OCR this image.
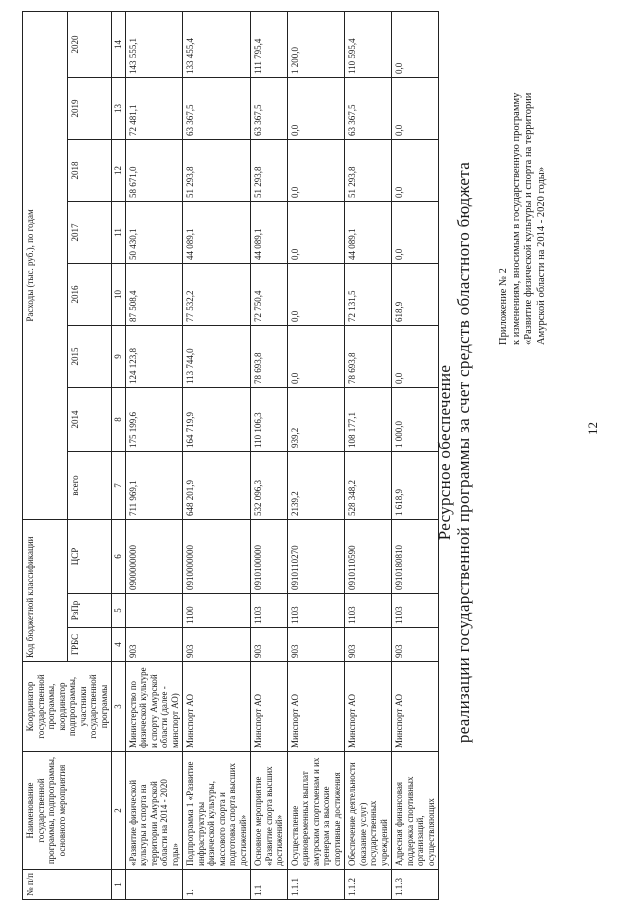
12
Приложение № 2 к изменениям, вносимым в государственную программу «Развитие физической культуры и спорта на территории Амурской области на 2014 - 2020 годы»
Ресурсное обеспечение реализации государственной программы за счет средств областного бюджета
№ п/п	Наименование государственной программы, подпрограммы, основного мероприятия	Координатор государственной программы, координатор подпрограммы, участники государственной программы	Код бюджетной классификации			Расходы (тыс. руб.), по годам							
			ГРБС	РзПр	ЦСР	всего	2014	2015	2016	2017	2018	2019	2020
1	2	3	4	5	6	7	8	9	10	11	12	13	14
	«Развитие физической культуры и спорта на территории Амурской области на 2014 - 2020 годы»	Министерство по физической культуре и спорту Амурской области (далее - минспорт АО)	903		0900000000	711 969,1	175 199,6	124 123,8	87 508,4	50 430,1	58 671,0	72 481,1	143 555,1
1.	Подпрограмма 1 «Развитие инфраструктуры физической культуры, массового спорта и подготовка спорта высших достижений»	Минспорт АО	903	1100	0910000000	648 201,9	164 719,9	113 744,0	77 532,2	44 089,1	51 293,8	63 367,5	133 455,4
1.1	Основное мероприятие «Развитие спорта высших достижений»	Минспорт АО	903	1103	0910100000	532 096,3	110 106,3	78 693,8	72 750,4	44 089,1	51 293,8	63 367,5	111 795,4
1.1.1	Осуществление единовременных выплат амурским спортсменам и их тренерам за высокие спортивные достижения	Минспорт АО	903	1103	0910110270	2139,2	939,2	0,0	0,0	0,0	0,0	0,0	1 200,0
1.1.2	Обеспечение деятельности (оказание услуг) государственных учреждений	Минспорт АО	903	1103	0910110590	528 348,2	108 177,1	78 693,8	72 131,5	44 089,1	51 293,8	63 367,5	110 595,4
1.1.3	Адресная финансовая поддержка спортивных организаций, осуществляющих	Минспорт АО	903	1103	0910180810	1 618,9	1 000,0	0,0	618,9	0,0	0,0	0,0	0,0
